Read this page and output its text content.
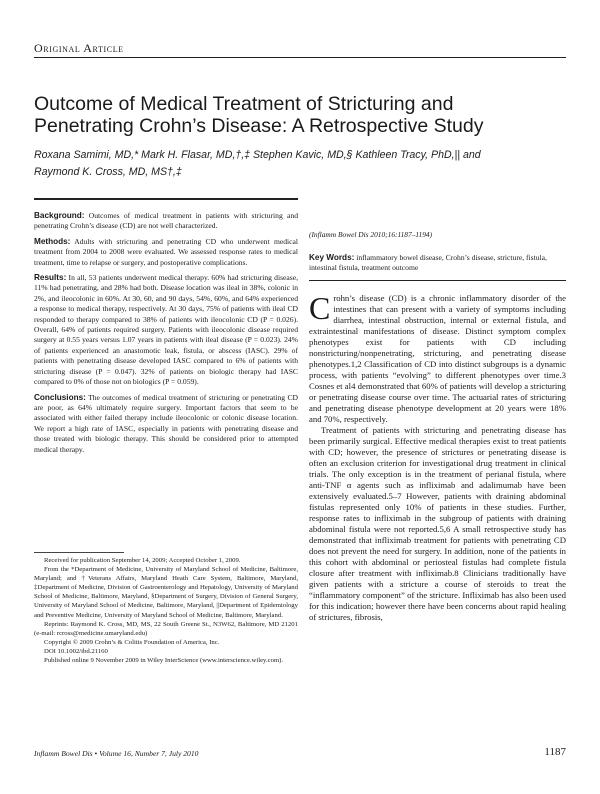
Original Article
Outcome of Medical Treatment of Stricturing and Penetrating Crohn’s Disease: A Retrospective Study
Roxana Samimi, MD,* Mark H. Flasar, MD,†,‡ Stephen Kavic, MD,§ Kathleen Tracy, PhD,|| and
Raymond K. Cross, MD, MS†,‡

Background: Outcomes of medical treatment in patients with stricturing and penetrating Crohn’s disease (CD) are not well characterized.

Methods: Adults with stricturing and penetrating CD who underwent medical treatment from 2004 to 2008 were evaluated. We assessed response rates to medical treatment, time to relapse or surgery, and postoperative complications.

Results: In all, 53 patients underwent medical therapy. 60% had stricturing disease, 11% had penetrating, and 28% had both. Disease location was ileal in 38%, colonic in 2%, and ileocolonic in 60%. At 30, 60, and 90 days, 54%, 60%, and 64% experienced a response to medical therapy, respectively. At 30 days, 75% of patients with ileal CD responded to therapy compared to 38% of patients with ileocolonic CD (P = 0.026). Overall, 64% of patients required surgery. Patients with ileocolonic disease required surgery at 0.55 years versus 1.07 years in patients with ileal disease (P = 0.023). 24% of patients experienced an anastomotic leak, fistula, or abscess (IASC). 29% of patients with penetrating disease developed IASC compared to 6% of patients with stricturing disease (P = 0.047). 32% of patients on biologic therapy had IASC compared to 0% of those not on biologics (P = 0.059).

Conclusions: The outcomes of medical treatment of stricturing or penetrating CD are poor, as 64% ultimately require surgery. Important factors that seem to be associated with either failed therapy include ileocolonic or colonic disease location. We report a high rate of IASC, especially in patients with penetrating disease and those treated with biologic therapy. This should be considered prior to attempted medical therapy.

(Inflamm Bowel Dis 2010;16:1187–1194)
Key Words: inflammatory bowel disease, Crohn’s disease, stricture, fistula, intestinal fistula, treatment outcome

Crohn’s disease (CD) is a chronic inflammatory disorder of the intestines that can present with a variety of symptoms including diarrhea, intestinal obstruction, internal or external fistula, and extraintestinal manifestations of disease. Distinct symptom complex phenotypes exist for patients with CD including nonstricturing/nonpenetrating, stricturing, and penetrating disease phenotypes.1,2 Classification of CD into distinct subgroups is a dynamic process, with patients “evolving” to different phenotypes over time.3 Cosnes et al4 demonstrated that 60% of patients will develop a stricturing or penetrating disease course over time. The actuarial rates of stricturing and penetrating disease phenotype development at 20 years were 18% and 70%, respectively.

Treatment of patients with stricturing and penetrating disease has been primarily surgical. Effective medical therapies exist to treat patients with CD; however, the presence of strictures or penetrating disease is often an exclusion criterion for investigational drug treatment in clinical trials. The only exception is in the treatment of perianal fistula, where anti-TNF α agents such as infliximab and adalimumab have been extensively evaluated.5–7 However, patients with draining abdominal fistulas represented only 10% of patients in these studies. Further, response rates to infliximab in the subgroup of patients with draining abdominal fistula were not reported.5,6 A small retrospective study has demonstrated that infliximab treatment for patients with penetrating CD does not prevent the need for surgery. In addition, none of the patients in this cohort with abdominal or periosteal fistulas had complete fistula closure after treatment with infliximab.8 Clinicians traditionally have given patients with a stricture a course of steroids to treat the “inflammatory component” of the stricture. Infliximab has also been used for this indication; however there have been concerns about rapid healing of strictures, fibrosis,

Received for publication September 14, 2009; Accepted October 1, 2009.

From the *Department of Medicine, University of Maryland School of Medicine, Baltimore, Maryland; and †Veterans Affairs, Maryland Heath Care System, Baltimore, Maryland, ‡Department of Medicine, Division of Gastroenterology and Hepatology, University of Maryland School of Medicine, Baltimore, Maryland, §Department of Surgery, Division of General Surgery, University of Maryland School of Medicine, Baltimore, Maryland, ||Department of Epidemiology and Preventive Medicine, University of Maryland School of Medicine, Baltimore, Maryland.

Reprints: Raymond K. Cross, MD, MS, 22 South Greene St., N3W62, Baltimore, MD 21201 (e-mail: rcross@medicine.umaryland.edu)

Copyright © 2009 Crohn’s & Colitis Foundation of America, Inc.

DOI 10.1002/ibd.21160

Published online 9 November 2009 in Wiley InterScience (www.interscience.wiley.com).

Inflamm Bowel Dis • Volume 16, Number 7, July 2010	1187
